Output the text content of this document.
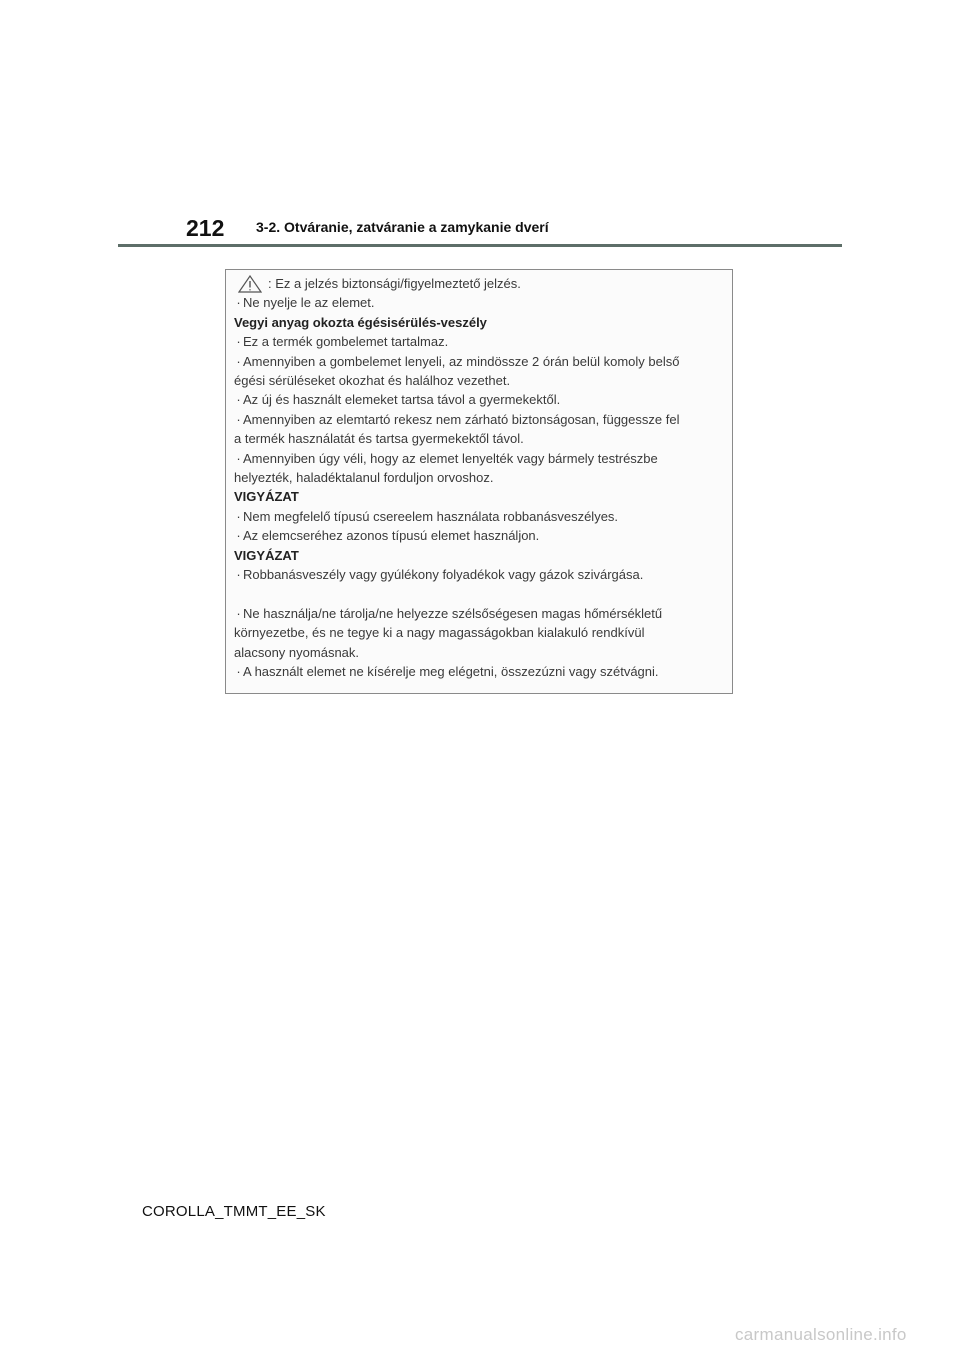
212 3-2. Otváranie, zatváranie a zamykanie dverí
: Ez a jelzés biztonsági/figyelmeztető jelzés.
· Ne nyelje le az elemet.
Vegyi anyag okozta égésisérülés-veszély
· Ez a termék gombelemet tartalmaz.
· Amennyiben a gombelemet lenyeli, az mindössze 2 órán belül komoly belső
égési sérüléseket okozhat és halálhoz vezethet.
· Az új és használt elemeket tartsa távol a gyermekektől.
· Amennyiben az elemtartó rekesz nem zárható biztonságosan, függessze fel
a termék használatát és tartsa gyermekektől távol.
· Amennyiben úgy véli, hogy az elemet lenyelték vagy bármely testrészbe
helyezték, haladéktalanul forduljon orvoshoz.
VIGYÁZAT
· Nem megfelelő típusú csereelem használata robbanásveszélyes.
· Az elemcseréhez azonos típusú elemet használjon.
VIGYÁZAT
· Robbanásveszély vagy gyúlékony folyadékok vagy gázok szivárgása.
· Ne használja/ne tárolja/ne helyezze szélsőségesen magas hőmérsékletű
környezetbe, és ne tegye ki a nagy magasságokban kialakuló rendkívül
alacsony nyomásnak.
· A használt elemet ne kísérelje meg elégetni, összezúzni vagy szétvágni.
COROLLA_TMMT_EE_SK
carmanualsonline.info
